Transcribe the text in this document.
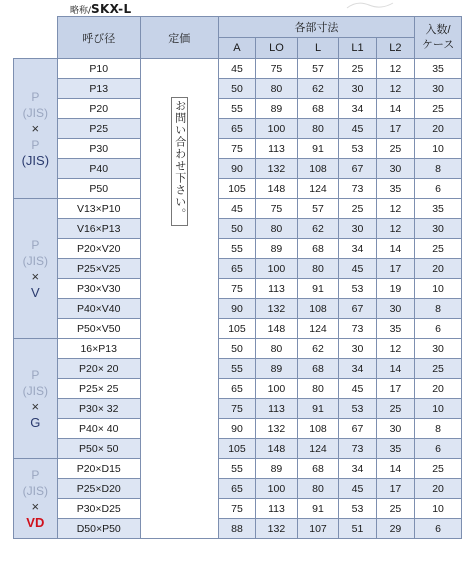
略称/SKX-L
	呼び径	定価	各部寸法					入数/
ケース
			A	LO	L	L1	L2	

P
(JIS)
×
P
(JIS)	P10	お問い合わせ下さい。	45	75	57	25	12	35
	P13		50	80	62	30	12	30
	P20		55	89	68	34	14	25
	P25		65	100	80	45	17	20
	P30		75	113	91	53	25	10
	P40		90	132	108	67	30	8
	P50		105	148	124	73	35	6

P
(JIS)
×
V	V13×P10		45	75	57	25	12	35
	V16×P13		50	80	62	30	12	30
	P20×V20		55	89	68	34	14	25
	P25×V25		65	100	80	45	17	20
	P30×V30		75	113	91	53	19	10
	P40×V40		90	132	108	67	30	8
	P50×V50		105	148	124	73	35	6

P
(JIS)
×
G	16×P13		50	80	62	30	12	30
	P20× 20		55	89	68	34	14	25
	P25× 25		65	100	80	45	17	20
	P30× 32		75	113	91	53	25	10
	P40× 40		90	132	108	67	30	8
	P50× 50		105	148	124	73	35	6

P
(JIS)
×
VD	P20×D15		55	89	68	34	14	25
	P25×D20		65	100	80	45	17	20
	P30×D25		75	113	91	53	25	10
	D50×P50		88	132	107	51	29	6
